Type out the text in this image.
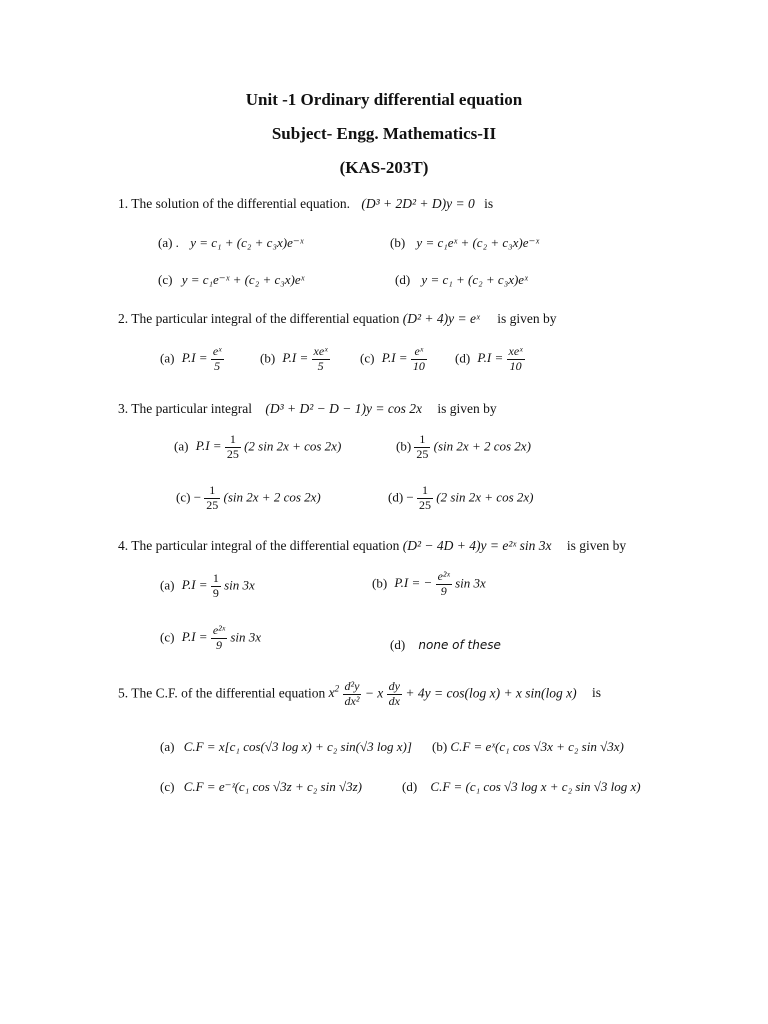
Unit -1 Ordinary differential equation
Subject- Engg. Mathematics-II
(KAS-203T)
1. The solution of the differential equation. (D³ + 2D² + D)y = 0 is
(a) . y = c₁ + (c₂ + c₃x)e⁻ˣ	(b) y = c₁eˣ + (c₂ + c₃x)e⁻ˣ
(c) y = c₁e⁻ˣ + (c₂ + c₃x)eˣ	(d) y = c₁ + (c₂ + c₃x)eˣ
2. The particular integral of the differential equation (D² + 4)y = eˣ is given by
(a) $P.I = \frac{\text{eˣ}}{5}$	(b) $P.I = \frac{\text{xeˣ}}{5} (c) P.I = \frac{\text{eˣ}}{10} (d) P.I = \frac{\text{xeˣ}}{10}$
3. The particular integral (D³ + D² − D − 1)y = cos 2x is given by
(a) $P.I = \frac{1}{25} (2$ sin 2x + cos 2x)	$(b) \frac{1}{25} (\sin$ 2x + 2 cos 2x)
$(c) - \frac{1}{25} (\sin$ 2x + 2 cos 2x)	$(d) - \frac{1}{25} (2$ sin 2x + cos 2x)
4. The particular integral of the differential equation (D² − 4D + 4)y = e²ˣ sin 3x is given by
(a) $P.I = \frac{1}{9}$ sin 3x	(b) P.I = − $\frac{\text{e²ˣ}}{9}$ sin 3x
(c) $P.I = \frac{\text{e²ˣ}}{9}$ sin 3x
(d) none of these
5. The C.F. of the differential equation $x^2 \frac{\text{d²y}}{\text{dx²}} - x \frac{dy}{dx} + 4y = \cos(\log$ x) + x sin(log x) is
(a) C.F = x[c₁ cos(√3 log x) + c₂ sin(√3 log x)] (b) C.F = eˣ(c₁ cos √3x + c₂ sin √3x)
(c) C.F = e⁻ᶻ(c₁ cos √3z + c₂ sin √3z)	(d) C.F = (c₁ cos √3 log x + c₂ sin √3 log x)
